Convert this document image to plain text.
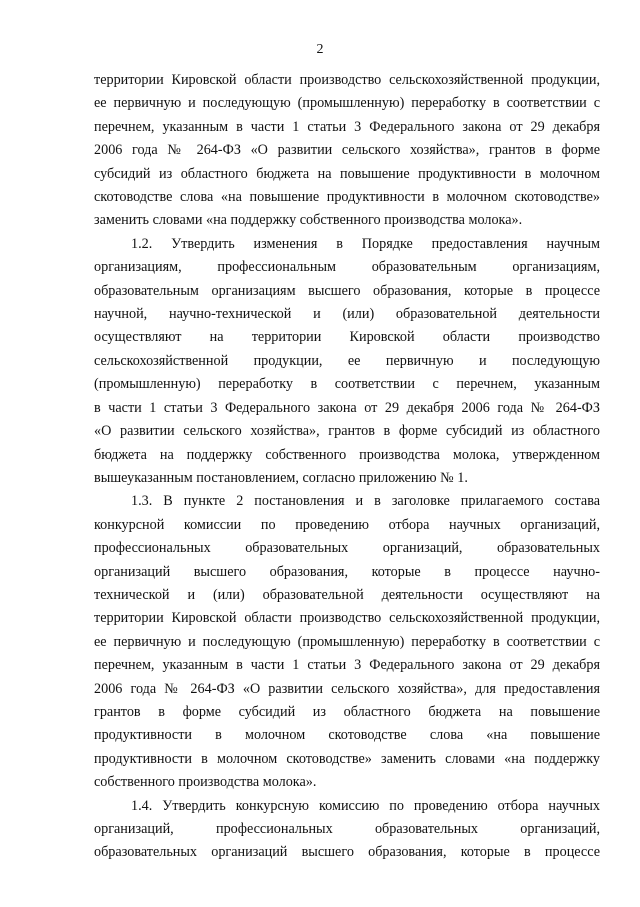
2

территории Кировской области производство сельскохозяйственной продукции,

ее первичную и последующую (промышленную) переработку в соответствии с

перечнем, указанным в части 1 статьи 3 Федерального закона от 29 декабря

2006 года № 264-ФЗ «О развитии сельского хозяйства», грантов в форме

субсидий из областного бюджета на повышение продуктивности в молочном

скотоводстве слова «на повышение продуктивности в молочном скотоводстве»

заменить словами «на поддержку собственного производства молока».

1.2. Утвердить изменения в Порядке предоставления научным

организациям, профессиональным образовательным организациям,

образовательным организациям высшего образования, которые в процессе

научной, научно-технической и (или) образовательной деятельности

осуществляют на территории Кировской области производство

сельскохозяйственной продукции, ее первичную и последующую

(промышленную) переработку в соответствии с перечнем, указанным

в части 1 статьи 3 Федерального закона от 29 декабря 2006 года № 264-ФЗ

«О развитии сельского хозяйства», грантов в форме субсидий из областного

бюджета на поддержку собственного производства молока, утвержденном

вышеуказанным постановлением, согласно приложению № 1.

1.3. В пункте 2 постановления и в заголовке прилагаемого состава

конкурсной комиссии по проведению отбора научных организаций,

профессиональных образовательных организаций, образовательных

организаций высшего образования, которые в процессе научно-

технической и (или) образовательной деятельности осуществляют на

территории Кировской области производство сельскохозяйственной продукции,

ее первичную и последующую (промышленную) переработку в соответствии с

перечнем, указанным в части 1 статьи 3 Федерального закона от 29 декабря

2006 года № 264-ФЗ «О развитии сельского хозяйства», для предоставления

грантов в форме субсидий из областного бюджета на повышение

продуктивности в молочном скотоводстве слова «на повышение

продуктивности в молочном скотоводстве» заменить словами «на поддержку

собственного производства молока».

1.4. Утвердить конкурсную комиссию по проведению отбора научных

организаций, профессиональных образовательных организаций,

образовательных организаций высшего образования, которые в процессе
